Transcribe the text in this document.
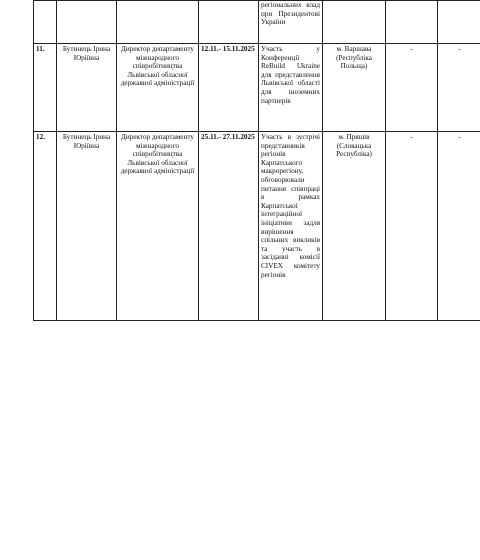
				регіональних влад при Президентові України			
11.	Бутинець Ірина Юріївна	Директор департаменту міжнародного співробітництва Львівської обласної державної адміністрації	12.11.- 15.11.2025	Участь у Конференції ReBuild Ukraine для представлення Львівської області для іноземних партнерів	м. Варшава (Республіка Польща)	-	-
12.	Бутинець Ірина Юріївна	Директор департаменту міжнародного співробітництва Львівської обласної державної адміністрації	25.11.- 27.11.2025	Участь в зустрічі представників регіонів Карпатського макрорегіону, обговорювали питання співпраці в рамках Карпатської інтеграційної ініціативи задля вирішення спільних викликів та участь в засіданні комісії CIVEX комітету регіонів	м. Пряшів (Словацька Республіка)	-	-
